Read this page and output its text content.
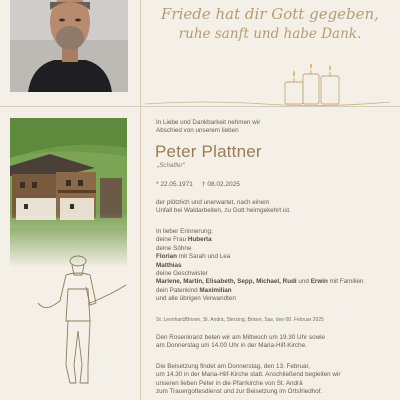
Friede hat dir Gott gegeben,
ruhe sanft und habe Dank.
In Liebe und Dankbarkeit nehmen wir
Abschied von unserem lieben
Peter Plattner
„Schaffer“
* 22.05.1971 † 08.02.2025
der plötzlich und unerwartet, nach einem
Unfall bei Waldarbeiten, zu Gott heimgekehrt ist.
In lieber Erinnerung:
deine Frau Huberta
deine Söhne
Florian mit Sarah und Lea
Matthias
deine Geschwister
Marlene, Martin, Elisabeth, Sepp, Michael, Rudi und Erwin mit Familien
dein Patenkind Maximilian
und alle übrigen Verwandten
St. Leonhard/Brixen, St. Andrä, Sterzing, Brixen, Sas, den 08. Februar 2025
Den Rosenkranz beten wir am Mittwoch um 19.30 Uhr sowie
am Donnerstag um 14.00 Uhr in der Maria-Hilf-Kirche.
Die Beisetzung findet am Donnerstag, den 13. Februar,
um 14.30 in der Maria-Hilf-Kirche statt. Anschließend begleiten wir
unseren lieben Peter in die Pfarrkirche von St. Andrä
zum Trauergottesdienst und zur Beisetzung im Ortsfriedhof.
